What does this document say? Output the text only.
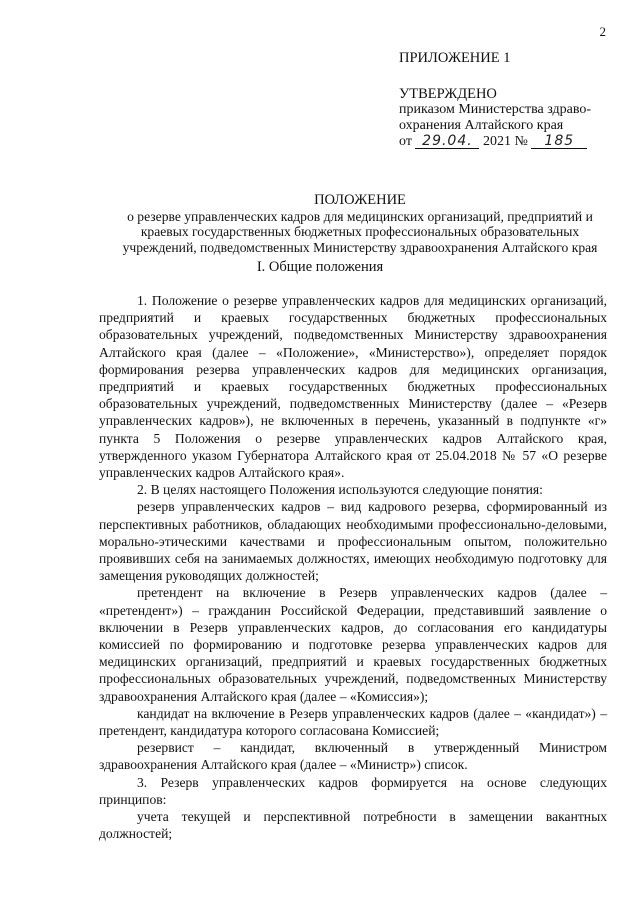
2
ПРИЛОЖЕНИЕ 1
УТВЕРЖДЕНО
приказом Министерства здраво-
охранения Алтайского края
от 29.04. 2021 № 185
ПОЛОЖЕНИЕ
о резерве управленческих кадров для медицинских организаций, предприятий и
краевых государственных бюджетных профессиональных образовательных
учреждений, подведомственных Министерству здравоохранения Алтайского края
I. Общие положения

1. Положение о резерве управленческих кадров для медицинских организаций, предприятий и краевых государственных бюджетных профессиональных образовательных учреждений, подведомственных Министерству здравоохранения Алтайского края (далее – «Положение», «Министерство»), определяет порядок формирования резерва управленческих кадров для медицинских организация, предприятий и краевых государственных бюджетных профессиональных образовательных учреждений, подведомственных Министерству (далее – «Резерв управленческих кадров»), не включенных в перечень, указанный в подпункте «г» пункта 5 Положения о резерве управленческих кадров Алтайского края, утвержденного указом Губернатора Алтайского края от 25.04.2018 № 57 «О резерве управленческих кадров Алтайского края».

2. В целях настоящего Положения используются следующие понятия:

резерв управленческих кадров – вид кадрового резерва, сформированный из перспективных работников, обладающих необходимыми профессионально-деловыми, морально-этическими качествами и профессиональным опытом, положительно проявивших себя на занимаемых должностях, имеющих необходимую подготовку для замещения руководящих должностей;

претендент на включение в Резерв управленческих кадров (далее – «претендент») – гражданин Российской Федерации, представивший заявление о включении в Резерв управленческих кадров, до согласования его кандидатуры комиссией по формированию и подготовке резерва управленческих кадров для медицинских организаций, предприятий и краевых государственных бюджетных профессиональных образовательных учреждений, подведомственных Министерству здравоохранения Алтайского края (далее – «Комиссия»);

кандидат на включение в Резерв управленческих кадров (далее – «кандидат») – претендент, кандидатура которого согласована Комиссией;

резервист – кандидат, включенный в утвержденный Министром здравоохранения Алтайского края (далее – «Министр») список.

3. Резерв управленческих кадров формируется на основе следующих принципов:

учета текущей и перспективной потребности в замещении вакантных должностей;
